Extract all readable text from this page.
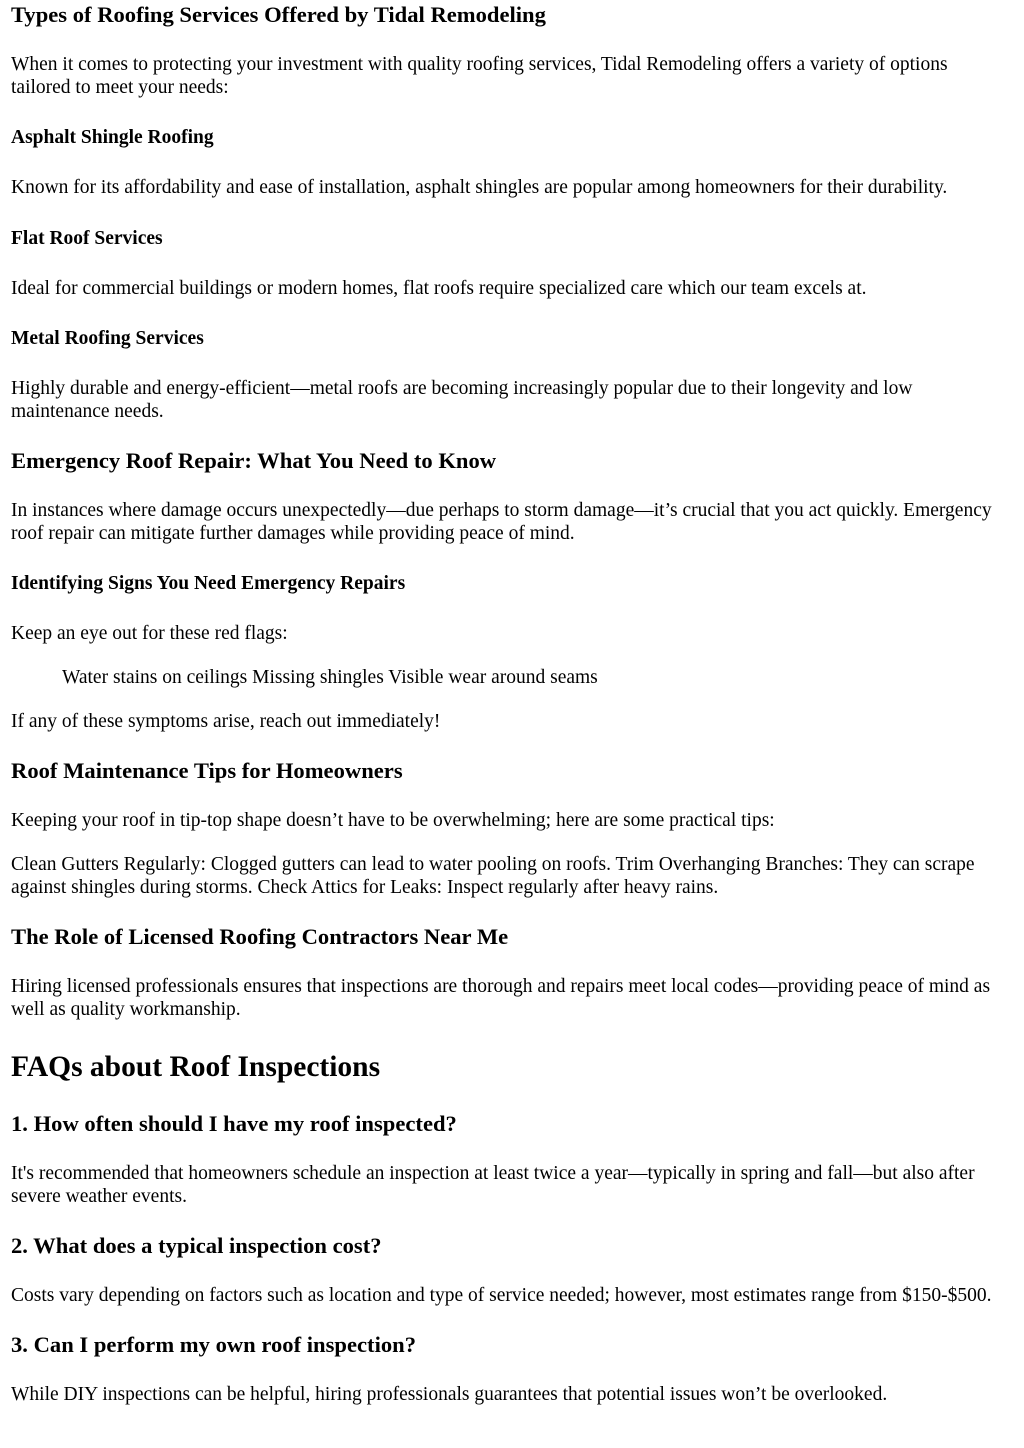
Types of Roofing Services Offered by Tidal Remodeling

When it comes to protecting your investment with quality roofing services, Tidal Remodeling offers a variety of options tailored to meet your needs:

Asphalt Shingle Roofing

Known for its affordability and ease of installation, asphalt shingles are popular among homeowners for their durability.

Flat Roof Services

Ideal for commercial buildings or modern homes, flat roofs require specialized care which our team excels at.

Metal Roofing Services

Highly durable and energy-efficient—metal roofs are becoming increasingly popular due to their longevity and low maintenance needs.

Emergency Roof Repair: What You Need to Know

In instances where damage occurs unexpectedly—due perhaps to storm damage—it’s crucial that you act quickly. Emergency roof repair can mitigate further damages while providing peace of mind.

Identifying Signs You Need Emergency Repairs

Keep an eye out for these red flags:

Water stains on ceilings Missing shingles Visible wear around seams

If any of these symptoms arise, reach out immediately!

Roof Maintenance Tips for Homeowners

Keeping your roof in tip-top shape doesn’t have to be overwhelming; here are some practical tips:

Clean Gutters Regularly: Clogged gutters can lead to water pooling on roofs. Trim Overhanging Branches: They can scrape against shingles during storms. Check Attics for Leaks: Inspect regularly after heavy rains.

The Role of Licensed Roofing Contractors Near Me

Hiring licensed professionals ensures that inspections are thorough and repairs meet local codes—providing peace of mind as well as quality workmanship.

FAQs about Roof Inspections
1. How often should I have my roof inspected?

It's recommended that homeowners schedule an inspection at least twice a year—typically in spring and fall—but also after severe weather events.

2. What does a typical inspection cost?

Costs vary depending on factors such as location and type of service needed; however, most estimates range from $150-$500.

3. Can I perform my own roof inspection?

While DIY inspections can be helpful, hiring professionals guarantees that potential issues won’t be overlooked.
